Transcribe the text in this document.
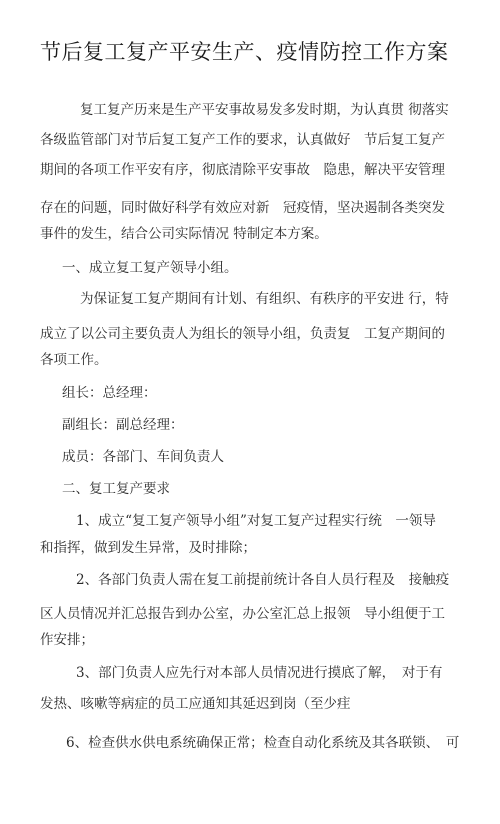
节后复工复产平安生产、疫情防控工作方案
复工复产历来是生产平安事故易发多发时期，为认真贯 彻落实
各级监管部门对节后复工复产工作的要求，认真做好　节后复工复产
期间的各项工作平安有序，彻底清除平安事故　隐患，解决平安管理
存在的问题，同时做好科学有效应对新　冠疫情，坚决遏制各类突发
事件的发生，结合公司实际情况 特制定本方案。
一、成立复工复产领导小组。
为保证复工复产期间有计划、有组织、有秩序的平安进 行，特
成立了以公司主要负责人为组长的领导小组，负责复　工复产期间的
各项工作。
组长：总经理：
副组长：副总经理：
成员：各部门、车间负责人
二、复工复产要求
1、成立“复工复产领导小组”对复工复产过程实行统　一领导
和指挥，做到发生异常，及时排除；
2、各部门负责人需在复工前提前统计各自人员行程及　接触疫
区人员情况并汇总报告到办公室，办公室汇总上报领　导小组便于工
作安排；
3、部门负责人应先行对本部人员情况进行摸底了解，　对于有
发热、咳嗽等病症的员工应通知其延迟到岗（至少疰
6、检查供水供电系统确保正常；检查自动化系统及其各联锁、　可
